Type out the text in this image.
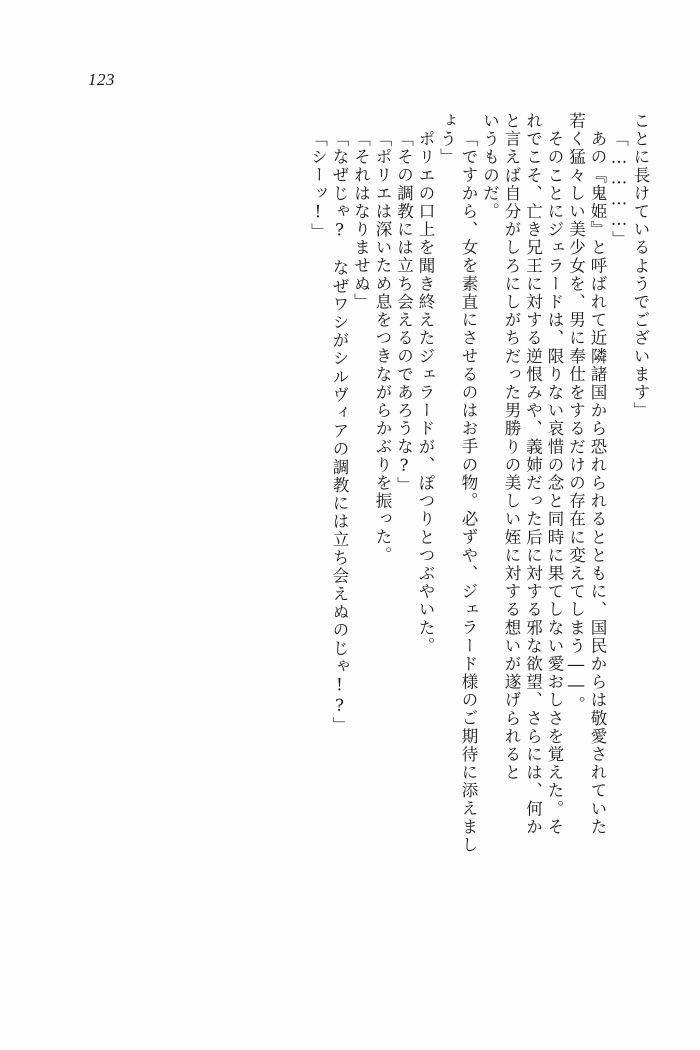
123
ことに長けているようでございます」
「…………」
　あの『鬼姫』と呼ばれて近隣諸国から恐れられるとともに、国民からは敬愛されていた
若く猛々しい美少女を、男に奉仕をするだけの存在に変えてしまう――。
　そのことにジェラードは、限りない哀惜の念と同時に果てしない愛おしさを覚えた。そ
れでこそ、亡き兄王に対する逆恨みや、義姉だった后に対する邪な欲望、さらには、何か
と言えば自分がしろにしがちだった男勝りの美しい姪に対する想いが遂げられると
いうものだ。
「ですから、女を素直にさせるのはお手の物。必ずや、ジェラード様のご期待に添えまし
ょう」
　ポリエの口上を聞き終えたジェラードが、ぽつりとつぶやいた。
「その調教には立ち会えるのであろうな?」
「ポリエは深いため息をつきながらかぶりを振った。
「それはなりませぬ」
「なぜじゃ?　なぜワシがシルヴィアの調教には立ち会えぬのじゃ!?」
「シーッ!」
